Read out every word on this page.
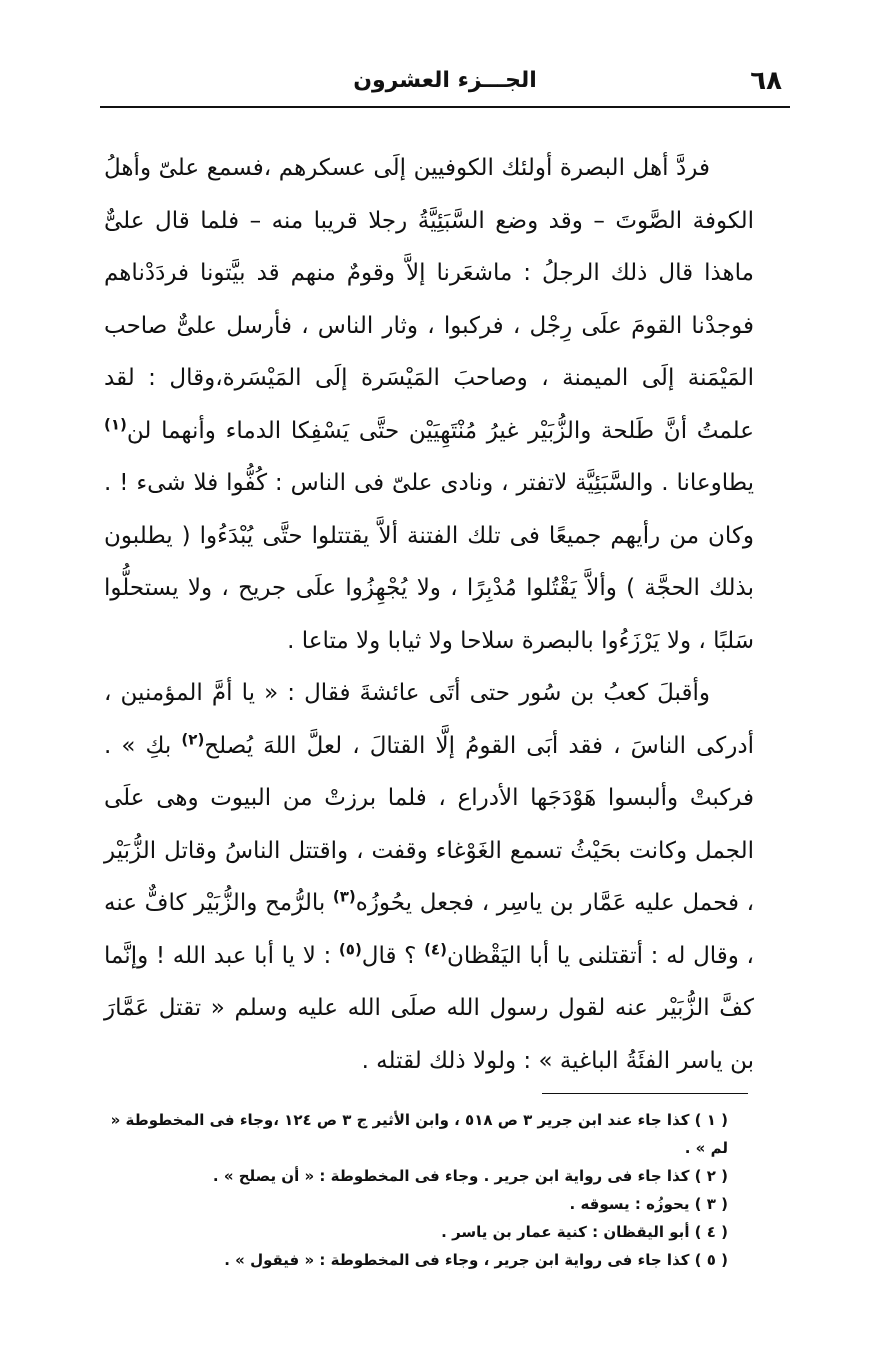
٦٨
الجـــزء العشرون

فردَّ أهل البصرة أولئك الكوفيين إلَى عسكرهم ،فسمع علىّ وأهلُ الكوفة الصَّوتَ – وقد وضع السَّبَئِيَّةُ رجلا قريبا منه – فلما قال علىٌّ ماهذا قال ذلك الرجلُ : ماشعَرنا إلاَّ وقومٌ منهم قد بيَّتونا فردَدْناهم فوجدْنا القومَ علَى رِجْل ، فركبوا ، وثار الناس ، فأرسل علىٌّ صاحب المَيْمَنة إلَى الميمنة ، وصاحبَ المَيْسَرة إلَى المَيْسَرة،وقال : لقد علمتُ أنَّ طَلحة والزُّبَيْر غيرُ مُنْتَهِيَيْن حتَّى يَسْفِكا الدماء وأنهما لن$^{(١)}$ يطاوعانا . والسَّبَئِيَّة لاتفتر ، ونادى علىّ فى الناس : كُفُّوا فلا شىء ! . وكان من رأيهم جميعًا فى تلك الفتنة ألاَّ يقتتلوا حتَّى يُبْدَءُوا ( يطلبون بذلك الحجَّة ) وألاَّ يَقْتُلوا مُدْبِرًا ، ولا يُجْهِزُوا علَى جريح ، ولا يستحلُّوا سَلبًا ، ولا يَرْزَءُوا بالبصرة سلاحا ولا ثيابا ولا متاعا .

وأقبلَ كعبُ بن سُور حتى أتَى عائشةَ فقال : « يا أمَّ المؤمنين ، أدركى الناسَ ، فقد أبَى القومُ إلَّا القتالَ ، لعلَّ اللهَ يُصلح$^{(٢)}$ بكِ » . فركبتْ وألبسوا هَوْدَجَها الأدراع ، فلما برزتْ من البيوت وهى علَى الجمل وكانت بحَيْثُ تسمع الغَوْغاء وقفت ، واقتتل الناسُ وقاتل الزُّبَيْر ، فحمل عليه عَمَّار بن ياسِر ، فجعل يحُوزُه$^{(٣)}$ بالرُّمح والزُّبَيْر كافٌّ عنه ، وقال له : أتقتلنى يا أبا اليَقْظان$^{(٤)}$ ؟ قال$^{(٥)}$ : لا يا أبا عبد الله ! وإنَّما كفَّ الزُّبَيْر عنه لقول رسول الله صلَى الله عليه وسلم « تقتل عَمَّارَ بن ياسر الفئَةُ الباغية » : ولولا ذلك لقتله .

( ١ ) كذا جاء عند ابن جرير ٣ ص ٥١٨ ، وابن الأثير ج ٣ ص ١٢٤ ،وجاء فى المخطوطة « لم » .

( ٢ ) كذا جاء فى رواية ابن جرير . وجاء فى المخطوطة : « أن يصلح » .

( ٣ ) يحوزُه : يسوقه .

( ٤ ) أبو اليقظان : كنية عمار بن ياسر .

( ٥ ) كذا جاء فى رواية ابن جرير ، وجاء فى المخطوطة : « فيقول » .
